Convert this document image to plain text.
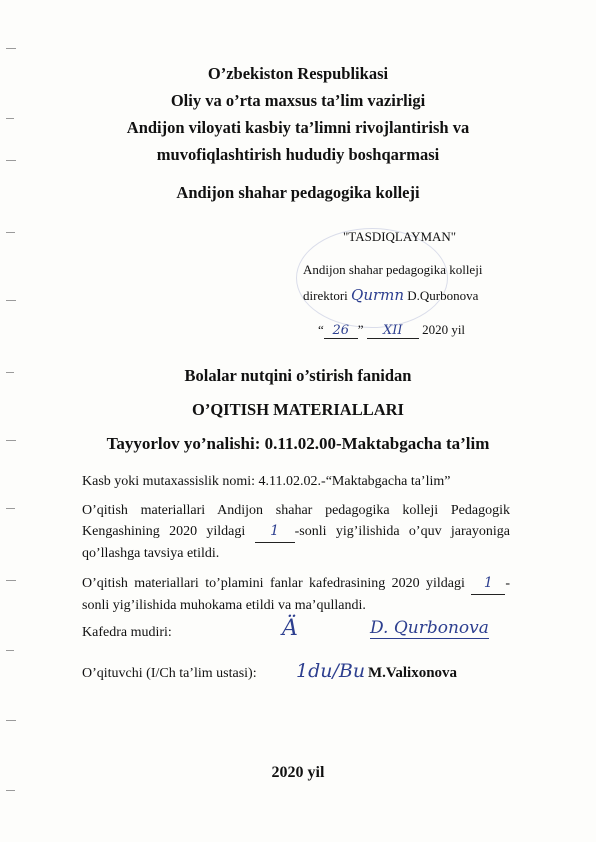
O’zbekiston Respublikasi
Oliy va o’rta maxsus ta’lim vazirligi
Andijon viloyati kasbiy ta’limni rivojlantirish va
muvofiqlashtirish hududiy boshqarmasi
Andijon shahar pedagogika kolleji
"TASDIQLAYMAN"
Andijon shahar pedagogika kolleji
direktori Qurmn D.Qurbonova
“ 26 ” XII 2020 yil
Bolalar nutqini o’stirish fanidan
O’QITISH MATERIALLARI
Tayyorlov yo’nalishi: 0.11.02.00-Maktabgacha ta’lim
Kasb yoki mutaxassislik nomi: 4.11.02.02.-“Maktabgacha ta’lim”
O’qitish materiallari Andijon shahar pedagogika kolleji Pedagogik Kengashining 2020 yildagi 1 -sonli yig’ilishida o’quv jarayoniga qo’llashga tavsiya etildi.
O’qitish materiallari to’plamini fanlar kafedrasining 2020 yildagi 1 - sonli yig’ilishida muhokama etildi va ma’qullandi.
Kafedra mudiri:	Ä	D. Qurbonova
O’qituvchi (I/Ch ta’lim ustasi): 1du/Bu M.Valixonova
2020 yil
